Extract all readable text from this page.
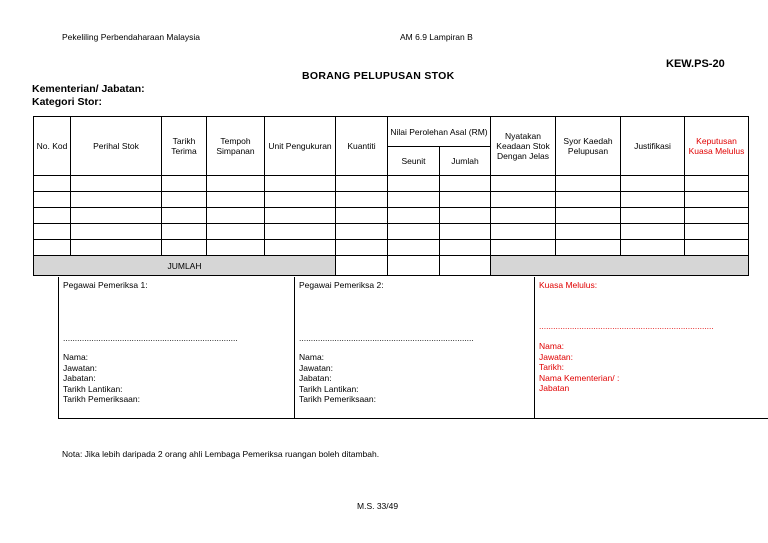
Pekeliling Perbendaharaan Malaysia	AM 6.9 Lampiran B
KEW.PS-20
BORANG PELUPUSAN STOK
Kementerian/ Jabatan:
Kategori Stor:
No. Kod	Perihal Stok	Tarikh Terima	Tempoh Simpanan	Unit Pengukuran	Kuantiti	Nilai Perolehan Asal (RM)		Nyatakan Keadaan Stok Dengan Jelas	Syor Kaedah Pelupusan	Justifikasi	Keputusan Kuasa Melulus
						Seunit	Jumlah				

JUMLAH											
Pegawai Pemeriksa 1:
..........................................................................
Nama:
Jawatan:
Jabatan:
Tarikh Lantikan:
Tarikh Pemeriksaan:
Pegawai Pemeriksa 2:
..........................................................................
Nama:
Jawatan:
Jabatan:
Tarikh Lantikan:
Tarikh Pemeriksaan:
Kuasa Melulus:
..........................................................................
Nama:
Jawatan:
Tarikh:
Nama Kementerian/ :
Jabatan
Nota: Jika lebih daripada 2 orang ahli Lembaga Pemeriksa ruangan boleh ditambah.
M.S. 33/49
